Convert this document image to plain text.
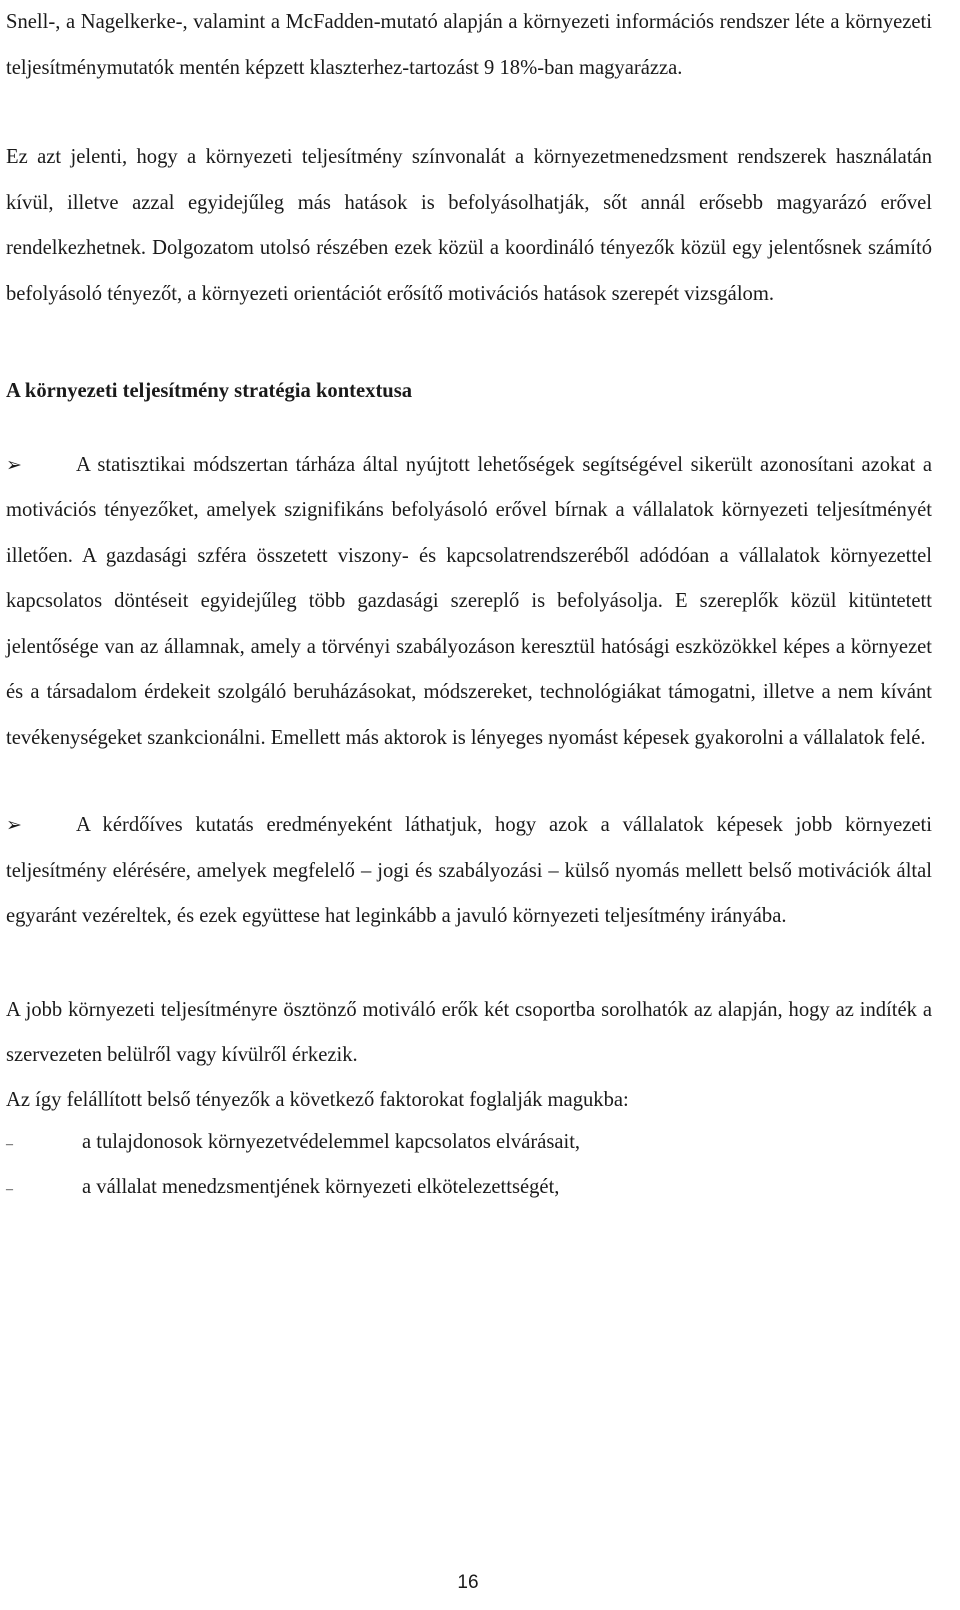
Snell-, a Nagelkerke-, valamint a McFadden-mutató alapján a környezeti információs rendszer léte a környezeti teljesítménymutatók mentén képzett klaszterhez-tartozást 9 18%-ban magyarázza.

Ez azt jelenti, hogy a környezeti teljesítmény színvonalát a környezetmenedzsment rendszerek használatán kívül, illetve azzal egyidejűleg más hatások is befolyásolhatják, sőt annál erősebb magyarázó erővel rendelkezhetnek. Dolgozatom utolsó részében ezek közül a koordináló tényezők közül egy jelentősnek számító befolyásoló tényezőt, a környezeti orientációt erősítő motivációs hatások szerepét vizsgálom.

A környezeti teljesítmény stratégia kontextusa

➢	A statisztikai módszertan tárháza által nyújtott lehetőségek segítségével sikerült azonosítani azokat a motivációs tényezőket, amelyek szignifikáns befolyásoló erővel bírnak a vállalatok környezeti teljesítményét illetően. A gazdasági szféra összetett viszony- és kapcsolatrendszeréből adódóan a vállalatok környezettel kapcsolatos döntéseit egyidejűleg több gazdasági szereplő is befolyásolja. E szereplők közül kitüntetett jelentősége van az államnak, amely a törvényi szabályozáson keresztül hatósági eszközökkel képes a környezet és a társadalom érdekeit szolgáló beruházásokat, módszereket, technológiákat támogatni, illetve a nem kívánt tevékenységeket szankcionálni. Emellett más aktorok is lényeges nyomást képesek gyakorolni a vállalatok felé.

➢	A kérdőíves kutatás eredményeként láthatjuk, hogy azok a vállalatok képesek jobb környezeti teljesítmény elérésére, amelyek megfelelő – jogi és szabályozási – külső nyomás mellett belső motivációk által egyaránt vezéreltek, és ezek együttese hat leginkább a javuló környezeti teljesítmény irányába.

A jobb környezeti teljesítményre ösztönző motiváló erők két csoportba sorolhatók az alapján, hogy az indíték a szervezeten belülről vagy kívülről érkezik.

Az így felállított belső tényezők a következő faktorokat foglalják magukba:

–	a tulajdonosok környezetvédelemmel kapcsolatos elvárásait,
–	a vállalat menedzsmentjének környezeti elkötelezettségét,
16
